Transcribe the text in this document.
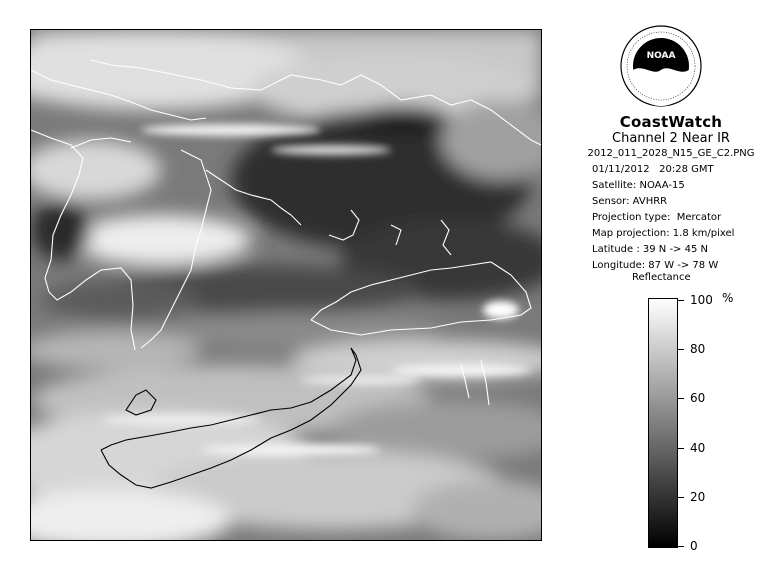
NOAA
CoastWatch
Channel 2 Near IR
2012_011_2028_N15_GE_C2.PNG
01/11/2012   20:28 GMT
Satellite: NOAA-15
Sensor: AVHRR
Projection type:  Mercator
Map projection: 1.8 km/pixel
Latitude : 39 N -> 45 N
Longitude: 87 W -> 78 W
Reflectance
%
100
80
60
40
20
0
